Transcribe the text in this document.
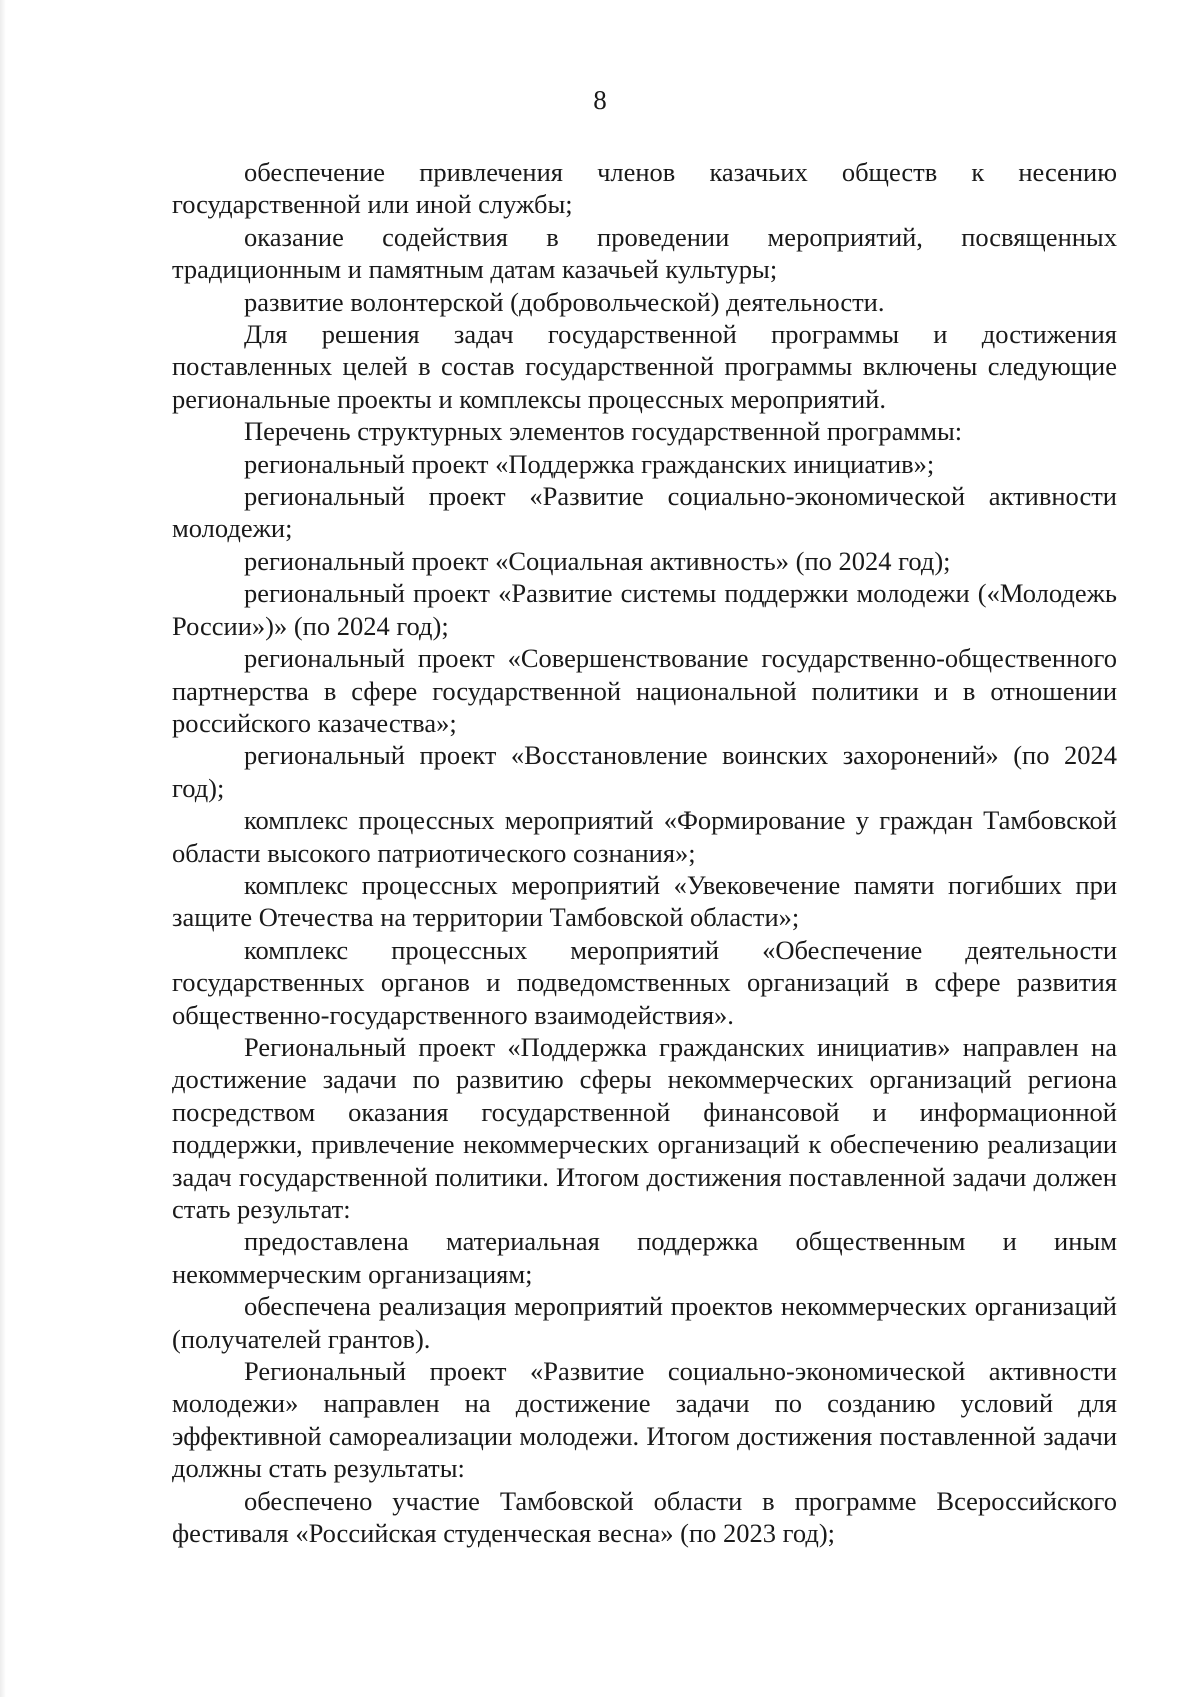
8

обеспечение привлечения членов казачьих обществ к несению государственной или иной службы;

оказание содействия в проведении мероприятий, посвященных традиционным и памятным датам казачьей культуры;

развитие волонтерской (добровольческой) деятельности.

Для решения задач государственной программы и достижения поставленных целей в состав государственной программы включены следующие региональные проекты и комплексы процессных мероприятий.

Перечень структурных элементов государственной программы:

региональный проект «Поддержка гражданских инициатив»;

региональный проект «Развитие социально-экономической активности молодежи;

региональный проект «Социальная активность» (по 2024 год);

региональный проект «Развитие системы поддержки молодежи («Молодежь России»)» (по 2024 год);

региональный проект «Совершенствование государственно-общественного партнерства в сфере государственной национальной политики и в отношении российского казачества»;

региональный проект «Восстановление воинских захоронений» (по 2024 год);

комплекс процессных мероприятий «Формирование у граждан Тамбовской области высокого патриотического сознания»;

комплекс процессных мероприятий «Увековечение памяти погибших при защите Отечества на территории Тамбовской области»;

комплекс процессных мероприятий «Обеспечение деятельности государственных органов и подведомственных организаций в сфере развития общественно-государственного взаимодействия».

Региональный проект «Поддержка гражданских инициатив» направлен на достижение задачи по развитию сферы некоммерческих организаций региона посредством оказания государственной финансовой и информационной поддержки, привлечение некоммерческих организаций к обеспечению реализации задач государственной политики. Итогом достижения поставленной задачи должен стать результат:

предоставлена материальная поддержка общественным и иным некоммерческим организациям;

обеспечена реализация мероприятий проектов некоммерческих организаций (получателей грантов).

Региональный проект «Развитие социально-экономической активности молодежи» направлен на достижение задачи по созданию условий для эффективной самореализации молодежи. Итогом достижения поставленной задачи должны стать результаты:

обеспечено участие Тамбовской области в программе Всероссийского фестиваля «Российская студенческая весна» (по 2023 год);
